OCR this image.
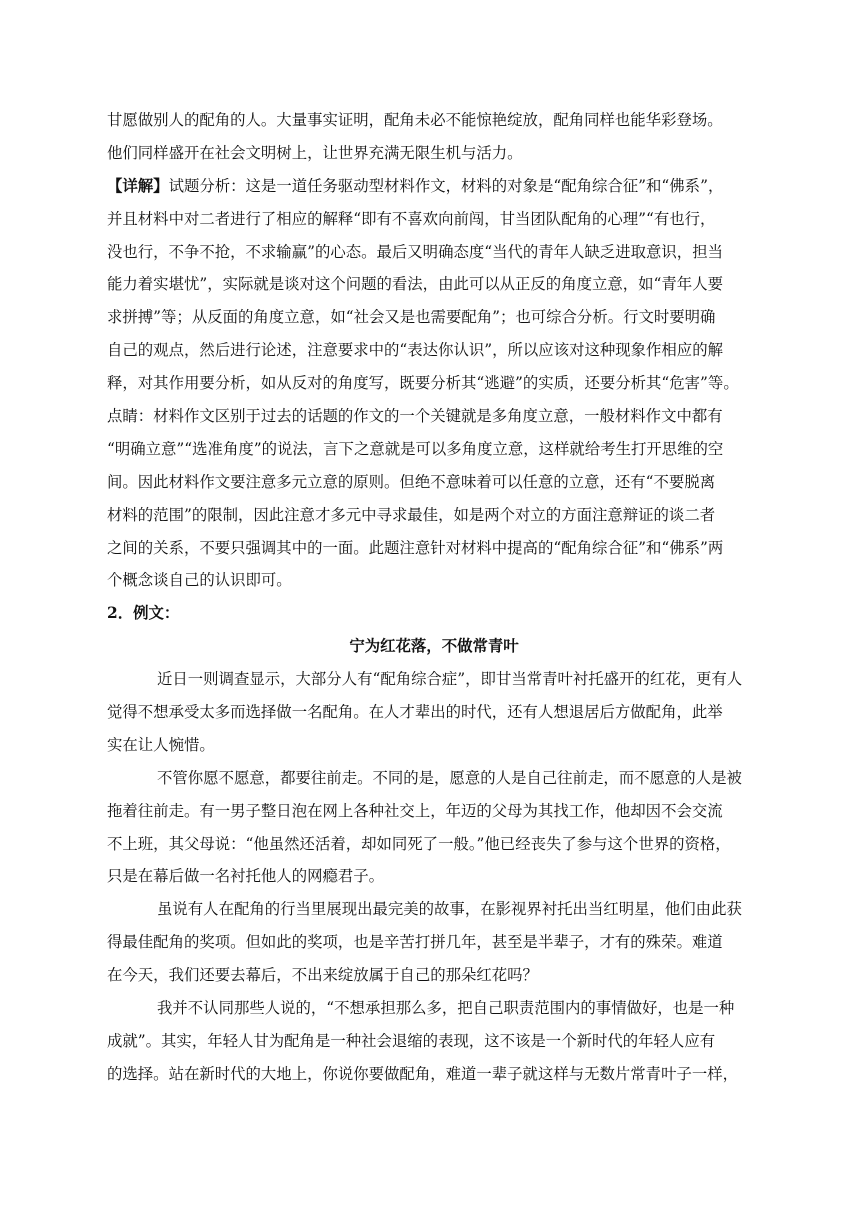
甘愿做别人的配角的人。大量事实证明，配角未必不能惊艳绽放，配角同样也能华彩登场。
他们同样盛开在社会文明树上，让世界充满无限生机与活力。
【详解】试题分析：这是一道任务驱动型材料作文，材料的对象是“配角综合征”和“佛系”，
并且材料中对二者进行了相应的解释“即有不喜欢向前闯，甘当团队配角的心理”“有也行，
没也行，不争不抢，不求输赢”的心态。最后又明确态度“当代的青年人缺乏进取意识，担当
能力着实堪忧”，实际就是谈对这个问题的看法，由此可以从正反的角度立意，如“青年人要
求拼搏”等；从反面的角度立意，如“社会又是也需要配角”；也可综合分析。行文时要明确
自己的观点，然后进行论述，注意要求中的“表达你认识”，所以应该对这种现象作相应的解
释，对其作用要分析，如从反对的角度写，既要分析其“逃避”的实质，还要分析其“危害”等。
点睛：材料作文区别于过去的话题的作文的一个关键就是多角度立意，一般材料作文中都有
“明确立意”“选准角度”的说法，言下之意就是可以多角度立意，这样就给考生打开思维的空
间。因此材料作文要注意多元立意的原则。但绝不意味着可以任意的立意，还有“不要脱离
材料的范围”的限制，因此注意才多元中寻求最佳，如是两个对立的方面注意辩证的谈二者
之间的关系，不要只强调其中的一面。此题注意针对材料中提高的“配角综合征”和“佛系”两
个概念谈自己的认识即可。
2．例文：
宁为红花落，不做常青叶
近日一则调查显示，大部分人有“配角综合症”，即甘当常青叶衬托盛开的红花，更有人
觉得不想承受太多而选择做一名配角。在人才辈出的时代，还有人想退居后方做配角，此举
实在让人惋惜。
不管你愿不愿意，都要往前走。不同的是，愿意的人是自己往前走，而不愿意的人是被
拖着往前走。有一男子整日泡在网上各种社交上，年迈的父母为其找工作，他却因不会交流
不上班，其父母说：“他虽然还活着，却如同死了一般。”他已经丧失了参与这个世界的资格，
只是在幕后做一名衬托他人的网瘾君子。
虽说有人在配角的行当里展现出最完美的故事，在影视界衬托出当红明星，他们由此获
得最佳配角的奖项。但如此的奖项，也是辛苦打拼几年，甚至是半辈子，才有的殊荣。难道
在今天，我们还要去幕后，不出来绽放属于自己的那朵红花吗？
我并不认同那些人说的，“不想承担那么多，把自己职责范围内的事情做好，也是一种
成就”。其实，年轻人甘为配角是一种社会退缩的表现，这不该是一个新时代的年轻人应有
的选择。站在新时代的大地上，你说你要做配角，难道一辈子就这样与无数片常青叶子一样，
